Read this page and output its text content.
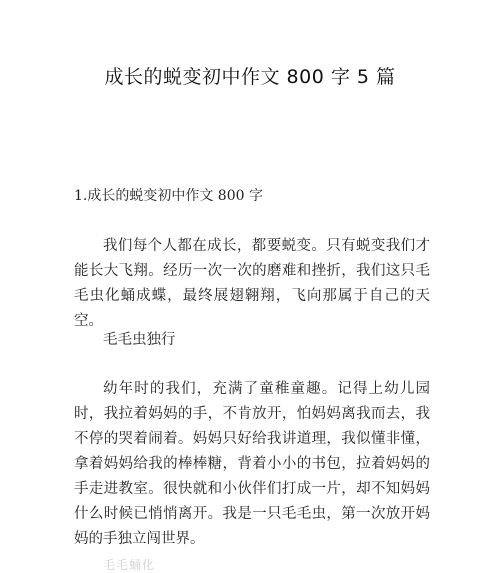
成长的蜕变初中作文 800 字 5 篇
1.成长的蜕变初中作文 800 字

我们每个人都在成长，都要蜕变。只有蜕变我们才能长大飞翔。经历一次一次的磨难和挫折，我们这只毛毛虫化蛹成蝶，最终展翅翱翔，飞向那属于自己的天空。

毛毛虫独行

幼年时的我们，充满了童稚童趣。记得上幼儿园时，我拉着妈妈的手，不肯放开，怕妈妈离我而去，我不停的哭着闹着。妈妈只好给我讲道理，我似懂非懂，拿着妈妈给我的棒棒糖，背着小小的书包，拉着妈妈的手走进教室。很快就和小伙伴们打成一片，却不知妈妈什么时候已悄悄离开。我是一只毛毛虫，第一次放开妈妈的手独立闯世界。

毛毛蛹化
